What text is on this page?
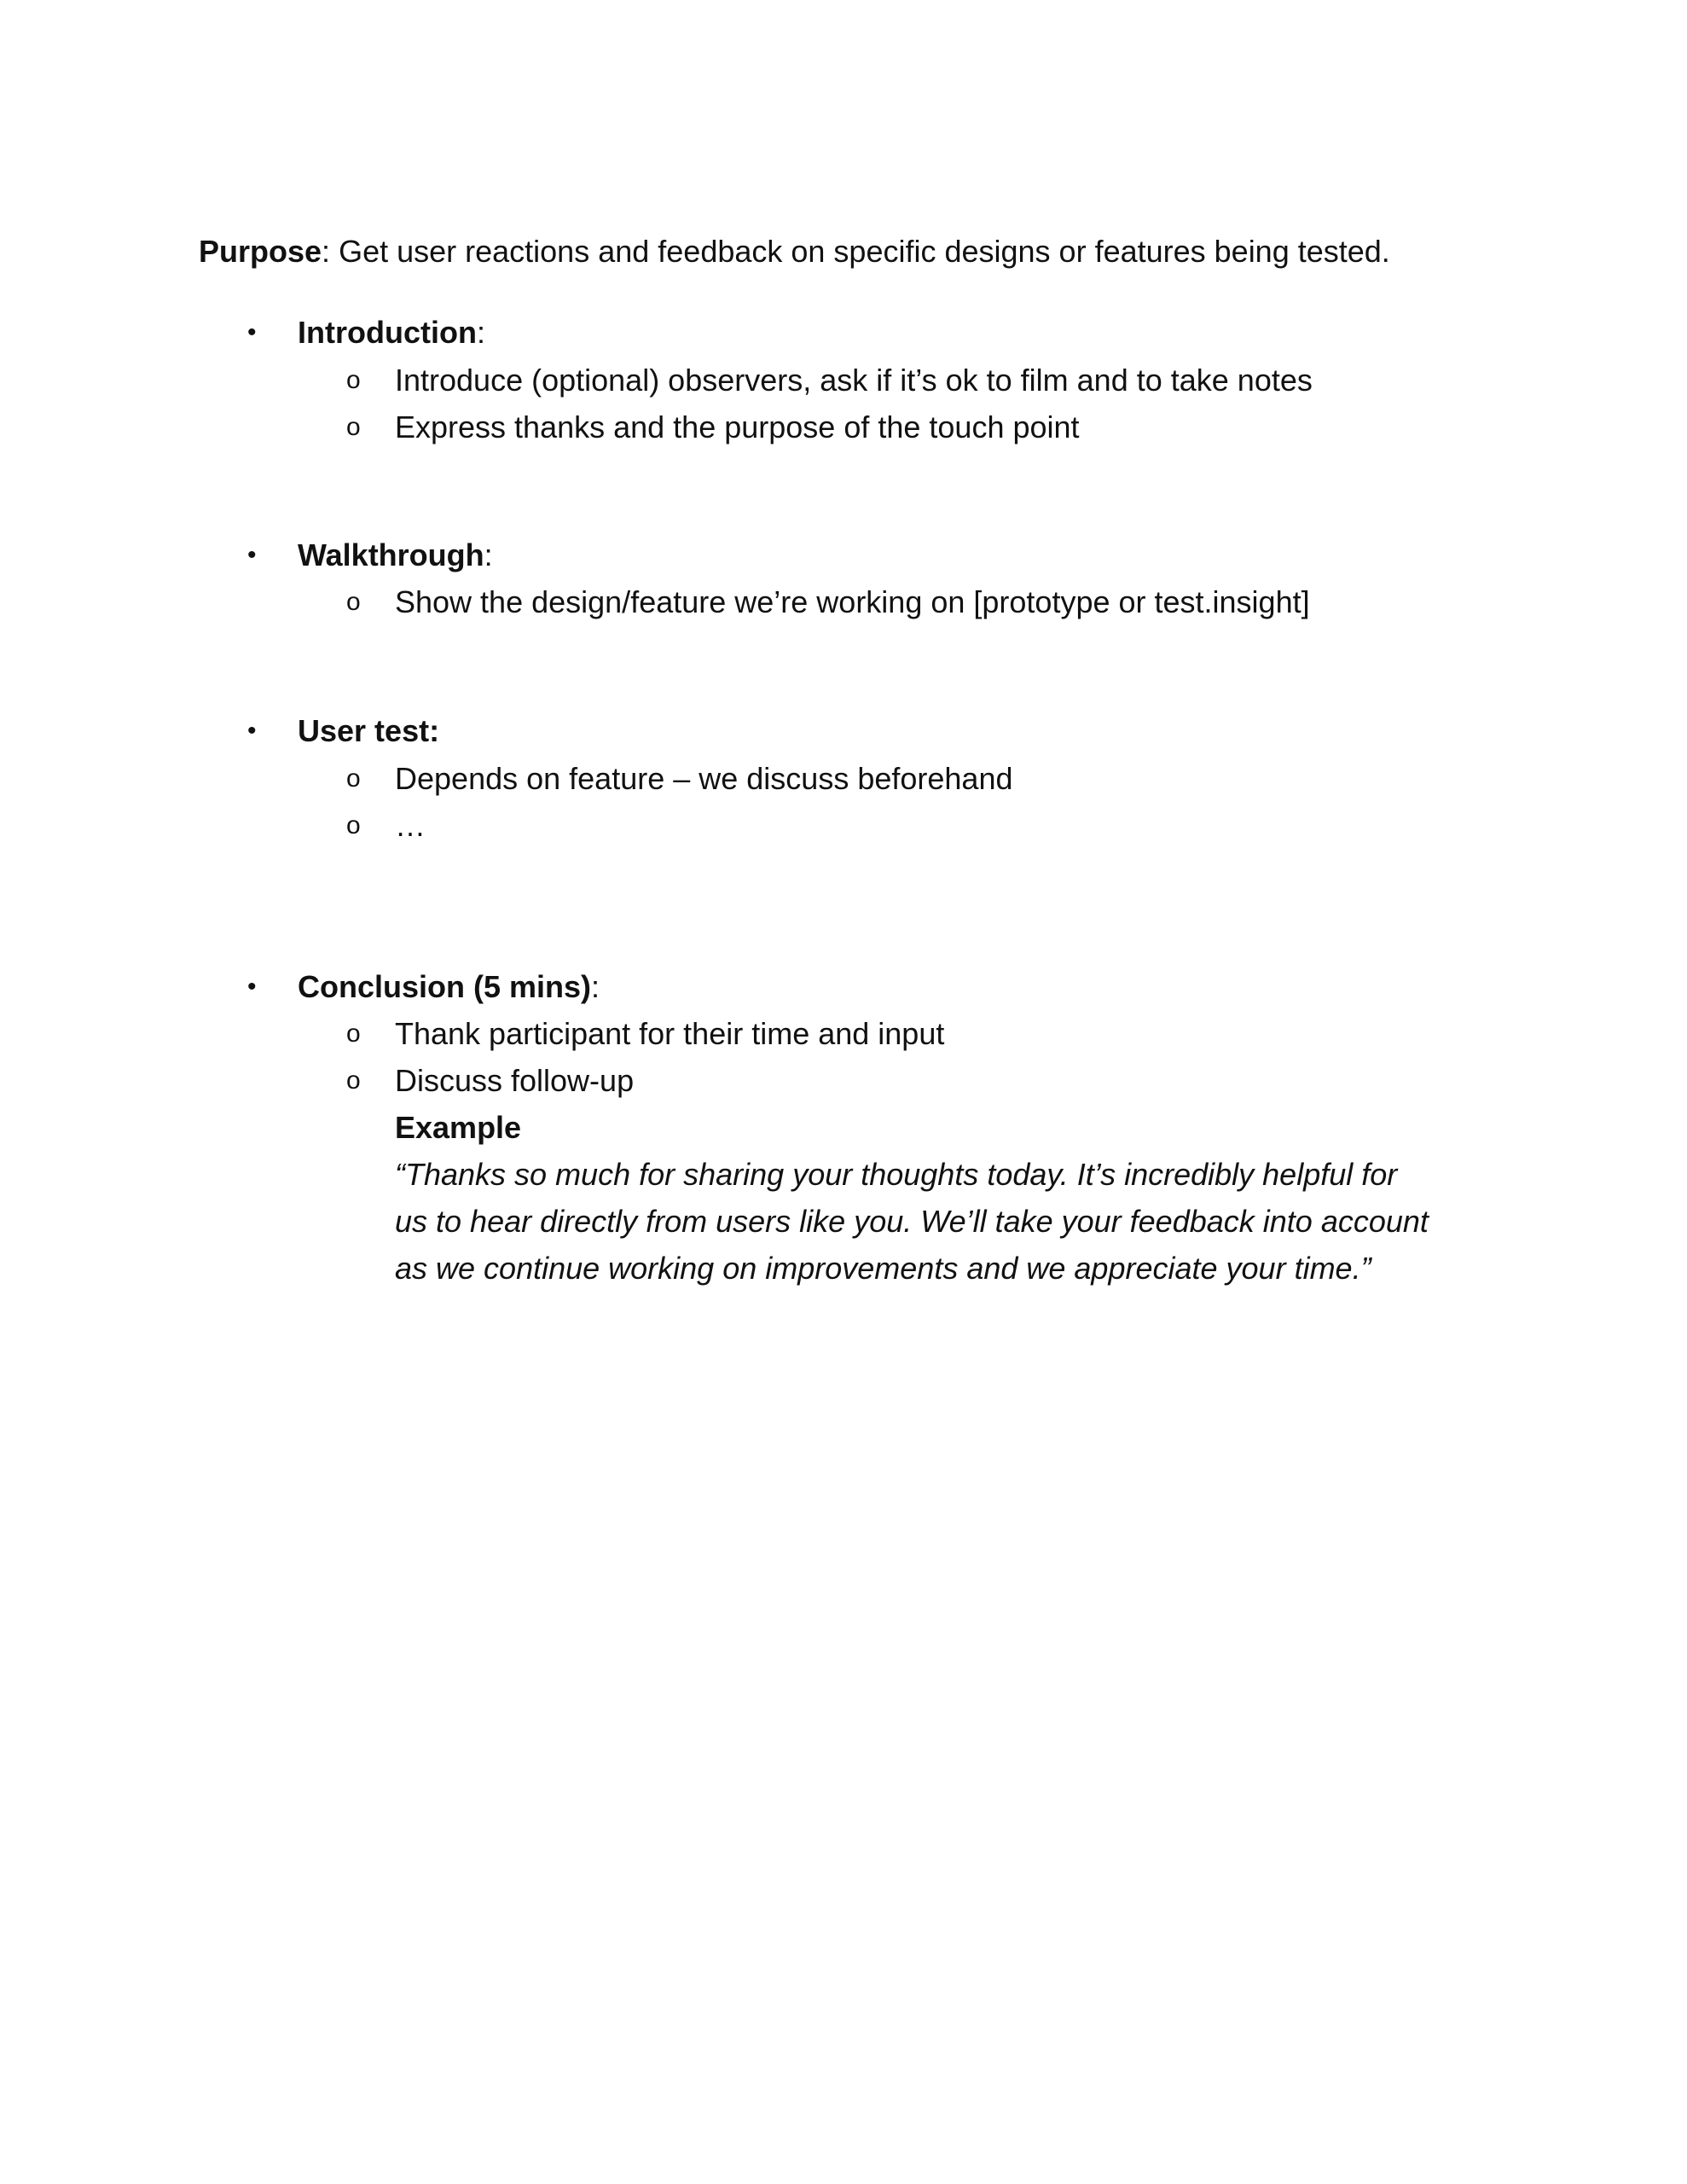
Purpose: Get user reactions and feedback on specific designs or features being tested.
• Introduction:
o Introduce (optional) observers, ask if it’s ok to film and to take notes
o Express thanks and the purpose of the touch point
• Walkthrough:
o Show the design/feature we’re working on [prototype or test.insight]
• User test:
o Depends on feature – we discuss beforehand
o …
• Conclusion (5 mins):
o Thank participant for their time and input
o Discuss follow-up
Example
“Thanks so much for sharing your thoughts today. It’s incredibly helpful for
us to hear directly from users like you. We’ll take your feedback into account
as we continue working on improvements and we appreciate your time.”
